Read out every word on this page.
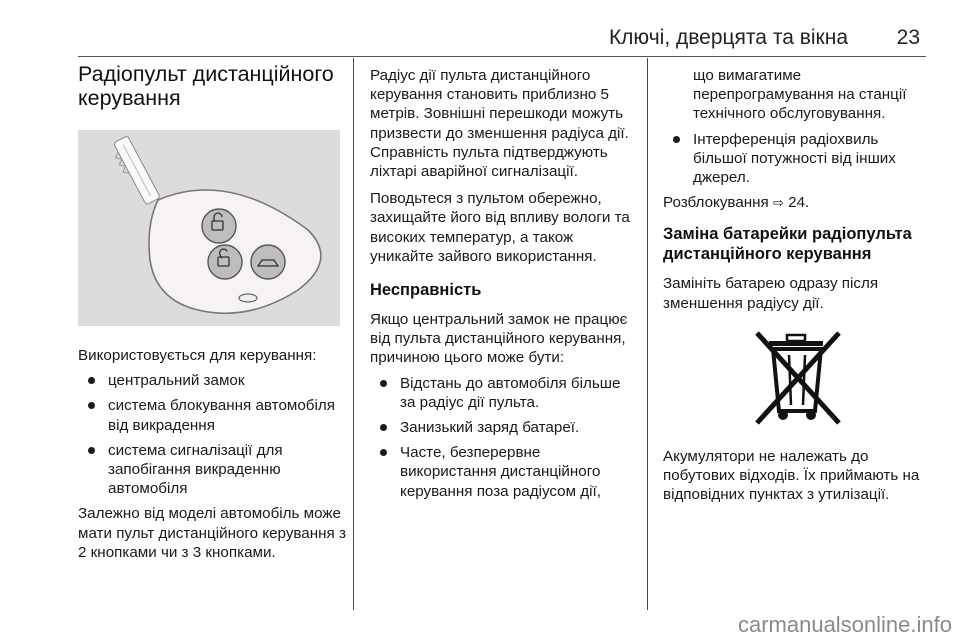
Ключі, дверцята та вікна 23

Радіопульт дистанційного керування

Використовується для керування:

центральний замок
система блокування автомобіля від викрадення
система сигналізації для запобігання викраденню автомобіля

Залежно від моделі автомобіль може мати пульт дистанційного керування з 2 кнопками чи з 3 кнопками.

Радіус дії пульта дистанційного керування становить приблизно 5 метрів. Зовнішні перешкоди можуть призвести до зменшення радіуса дії. Справність пульта підтверджують ліхтарі аварійної сигналізації.

Поводьтеся з пультом обережно, захищайте його від впливу вологи та високих температур, а також уникайте зайвого використання.

Несправність

Якщо центральний замок не працює від пульта дистанційного керування, причиною цього може бути:

Відстань до автомобіля більше за радіус дії пульта.
Занизький заряд батареї.
Часте, безперервне використання дистанційного керування поза радіусом дії,

що вимагатиме перепрограмування на станції технічного обслуговування.

Інтерференція радіохвиль більшої потужності від інших джерел.

Розблокування ⇨ 24.

Заміна батарейки радіопульта дистанційного керування

Замініть батарею одразу після зменшення радіусу дії.

Акумулятори не належать до побутових відходів. Їх приймають на відповідних пунктах з утилізації.

carmanualsonline.info
